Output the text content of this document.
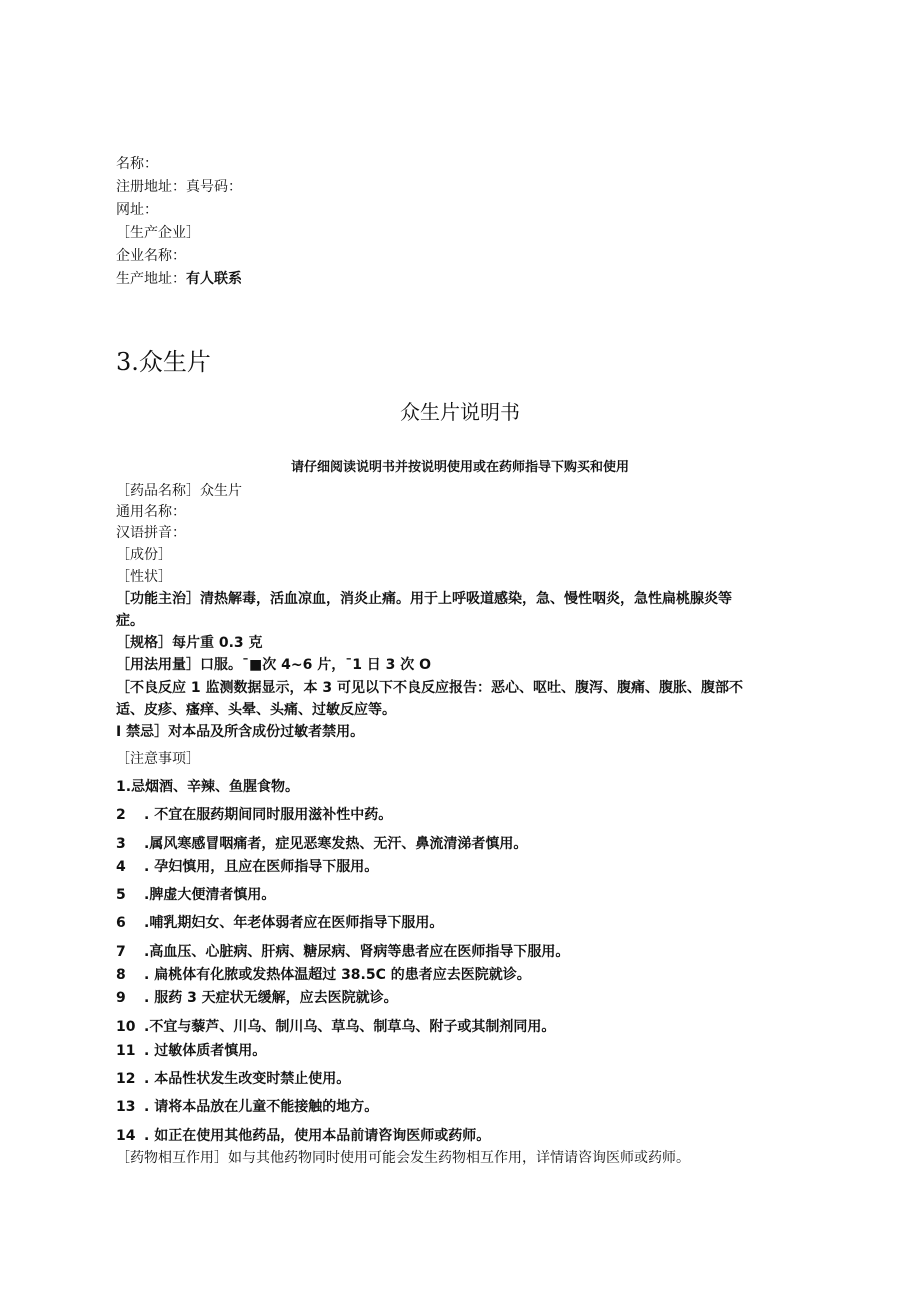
名称：
注册地址：真号码：
网址：
［生产企业］
企业名称：
生产地址：有人联系
3.众生片
众生片说明书
请仔细阅读说明书并按说明使用或在药师指导下购买和使用
［药品名称］众生片
通用名称：
汉语拼音：
［成份］
［性状］
［功能主治］清热解毒，活血凉血，消炎止痛。用于上呼吸道感染，急、慢性咽炎，急性扁桃腺炎等
症。
［规格］每片重 0.3 克
［用法用量］口服。¯■次 4~6 片，¯1 日 3 次 O
［不良反应 1 监测数据显示，本 3 可见以下不良反应报告：恶心、呕吐、腹泻、腹痛、腹胀、腹部不
适、皮疹、瘙痒、头晕、头痛、过敏反应等。
I 禁忌］对本品及所含成份过敏者禁用。
［注意事项］
1.忌烟酒、辛辣、鱼腥食物。
2 . 不宜在服药期间同时服用滋补性中药。
3 .属风寒感冒咽痛者，症见恶寒发热、无汗、鼻流清涕者慎用。
4 . 孕妇慎用，且应在医师指导下服用。
5 .脾虚大便清者慎用。
6 .哺乳期妇女、年老体弱者应在医师指导下服用。
7 .高血压、心脏病、肝病、糖尿病、肾病等患者应在医师指导下服用。
8 . 扁桃体有化脓或发热体温超过 38.5C 的患者应去医院就诊。
9 . 服药 3 天症状无缓解，应去医院就诊。
10 .不宜与藜芦、川乌、制川乌、草乌、制草乌、附子或其制剂同用。
11 . 过敏体质者慎用。
12 . 本品性状发生改变时禁止使用。
13 . 请将本品放在儿童不能接触的地方。
14 . 如正在使用其他药品，使用本品前请咨询医师或药师。
［药物相互作用］如与其他药物同时使用可能会发生药物相互作用，详情请咨询医师或药师。
